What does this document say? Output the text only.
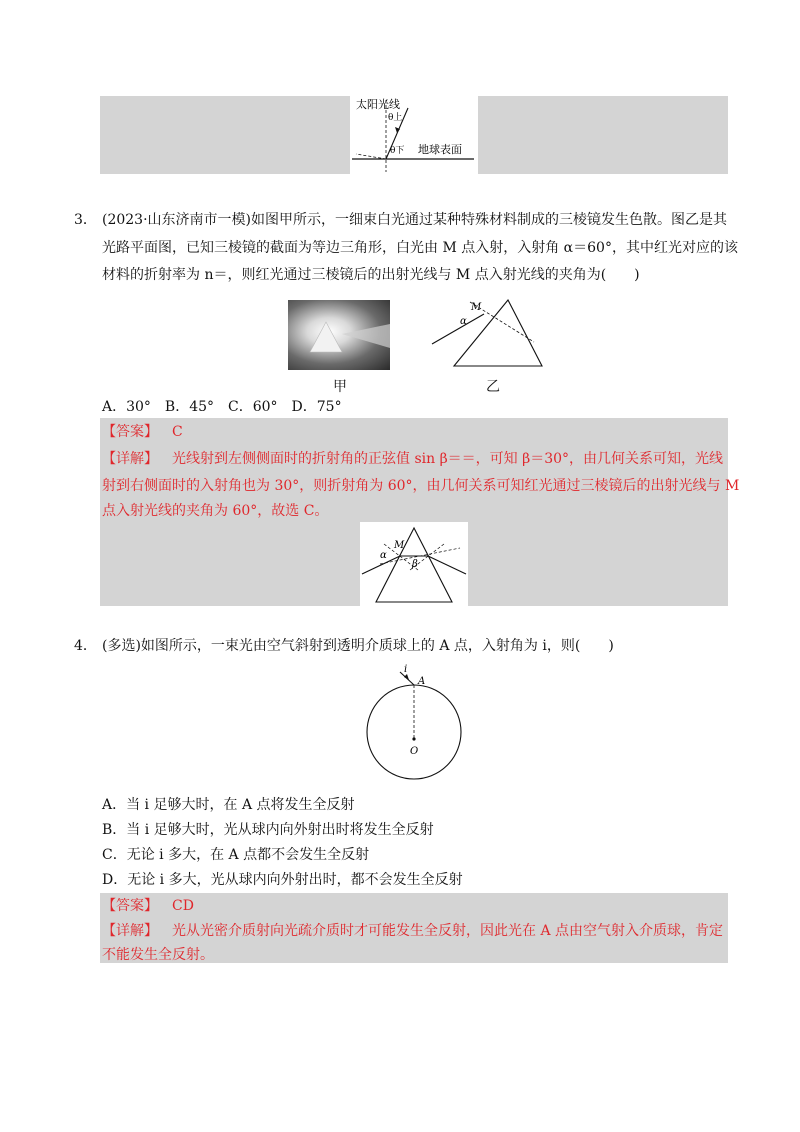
太阳光线
θ上
θ下 地球表面
3． (2023·山东济南市一模)如图甲所示，一细束白光通过某种特殊材料制成的三棱镜发生色散。图乙是其
光路平面图，已知三棱镜的截面为等边三角形，白光由 M 点入射，入射角 α＝60°，其中红光对应的该
材料的折射率为 n＝，则红光通过三棱镜后的出射光线与 M 点入射光线的夹角为(　　)
甲
M
α
乙
A．30°　B．45°　C．60°　D．75°
【答案】 C
【详解】 光线射到左侧侧面时的折射角的正弦值 sin β＝＝，可知 β＝30°，由几何关系可知，光线
射到右侧面时的入射角也为 30°，则折射角为 60°，由几何关系可知红光通过三棱镜后的出射光线与 M
点入射光线的夹角为 60°，故选 C。
M
α
β
4． (多选)如图所示，一束光由空气斜射到透明介质球上的 A 点，入射角为 i，则(　　)
i
A
O
A．当 i 足够大时，在 A 点将发生全反射
B．当 i 足够大时，光从球内向外射出时将发生全反射
C．无论 i 多大，在 A 点都不会发生全反射
D．无论 i 多大，光从球内向外射出时，都不会发生全反射
【答案】 CD
【详解】 光从光密介质射向光疏介质时才可能发生全反射，因此光在 A 点由空气射入介质球，肯定
不能发生全反射。
